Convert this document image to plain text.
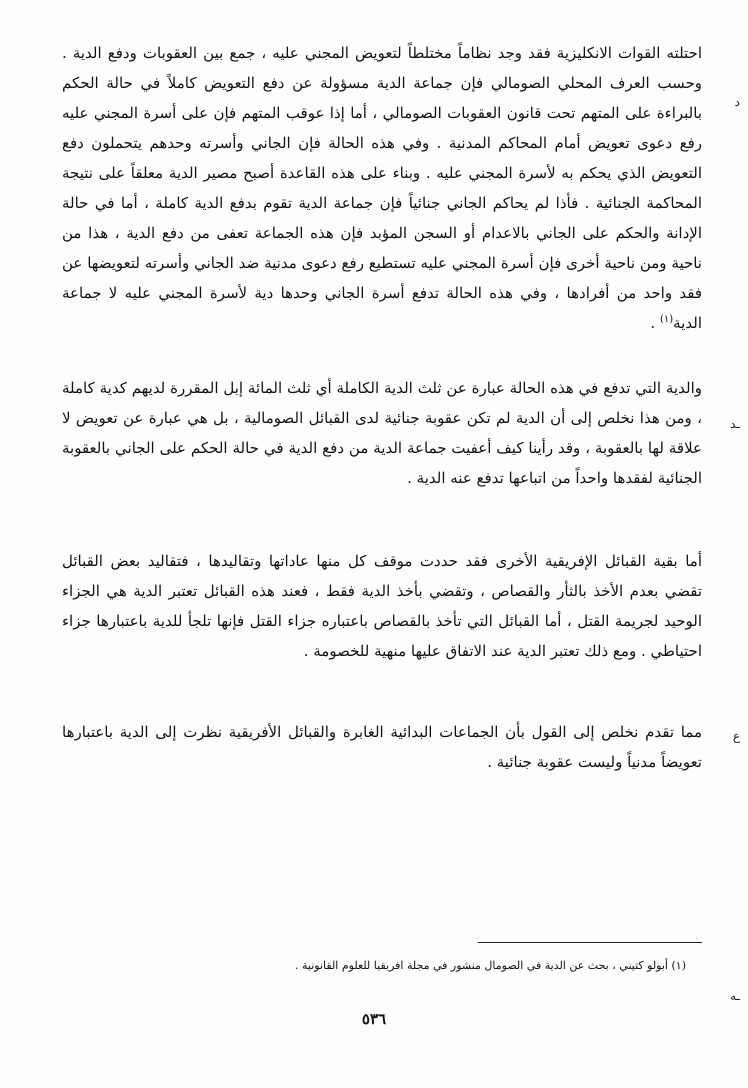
احتلته القوات الانكليزية فقد وجد نظاماً مختلطاً لتعويض المجني عليه ، جمع بين العقوبات ودفع الدية . وحسب العرف المحلي الصومالي فإن جماعة الدية مسؤولة عن دفع التعويض كاملاً في حالة الحكم بالبراءة على المتهم تحت قانون العقوبات الصومالي ، أما إذا عوقب المتهم فإن على أسرة المجني عليه رفع دعوى تعويض أمام المحاكم المدنية . وفي هذه الحالة فإن الجاني وأسرته وحدهم يتحملون دفع التعويض الذي يحكم به لأسرة المجني عليه . وبناء على هذه القاعدة أصبح مصير الدية معلقاً على نتيجة المحاكمة الجنائية . فأذا لم يحاكم الجاني جنائياً فإن جماعة الدية تقوم بدفع الدية كاملة ، أما في حالة الإدانة والحكم على الجاني بالاعدام أو السجن المؤبد فإن هذه الجماعة تعفى من دفع الدية ، هذا من ناحية ومن ناحية أخرى فإن أسرة المجني عليه تستطيع رفع دعوى مدنية ضد الجاني وأسرته لتعويضها عن فقد واحد من أفرادها ، وفي هذه الحالة تدفع أسرة الجاني وحدها دية لأسرة المجني عليه لا جماعة الدية$^{(١)}$ .

والدية التي تدفع في هذه الحالة عبارة عن ثلث الدية الكاملة أي ثلث المائة إبل المقررة لديهم كدية كاملة ، ومن هذا نخلص إلى أن الدية لم تكن عقوبة جنائية لدى القبائل الصومالية ، بل هي عبارة عن تعويض لا علاقة لها بالعقوبة ، وقد رأينا كيف أعفيت جماعة الدية من دفع الدية في حالة الحكم على الجاني بالعقوبة الجنائية لفقدها واحداً من اتباعها تدفع عنه الدية .

أما بقية القبائل الإفريقية الأخرى فقد حددت موقف كل منها عاداتها وتقاليدها ، فتقاليد بعض القبائل تقضي بعدم الأخذ بالثأر والقصاص ، وتقضي بأخذ الدية فقط ، فعند هذه القبائل تعتبر الدية هي الجزاء الوحيد لجريمة القتل ، أما القبائل التي تأخذ بالقصاص باعتباره جزاء القتل فإنها تلجأ للدية باعتبارها جزاء احتياطي . ومع ذلك تعتبر الدية عند الاتفاق عليها منهية للخصومة .

مما تقدم نخلص إلى القول بأن الجماعات البدائية الغابرة والقبائل الأفريقية نظرت إلى الدية باعتبارها تعويضاً مدنياً وليست عقوبة جنائية .

(١) أبولو كتيني ، بحث عن الدية في الصومال منشور في مجلة افريقيا للعلوم القانونية .
٥٣٦
د
ـد
ع
ـه
